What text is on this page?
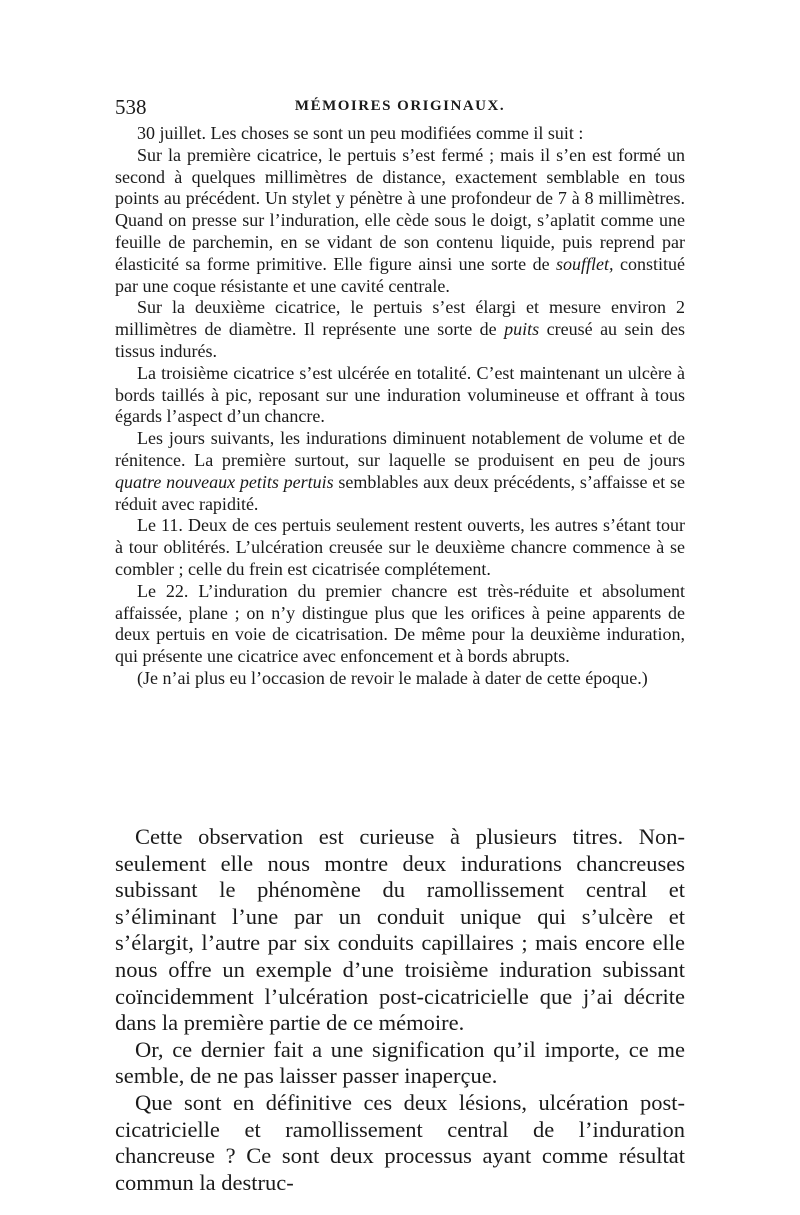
538	MÉMOIRES ORIGINAUX.

30 juillet. Les choses se sont un peu modifiées comme il suit :

Sur la première cicatrice, le pertuis s’est fermé ; mais il s’en est formé un second à quelques millimètres de distance, exactement semblable en tous points au précédent. Un stylet y pénètre à une profondeur de 7 à 8 millimètres. Quand on presse sur l’induration, elle cède sous le doigt, s’aplatit comme une feuille de parchemin, en se vidant de son contenu liquide, puis reprend par élasticité sa forme primitive. Elle figure ainsi une sorte de soufflet, constitué par une coque résistante et une cavité centrale.

Sur la deuxième cicatrice, le pertuis s’est élargi et mesure environ 2 millimètres de diamètre. Il représente une sorte de puits creusé au sein des tissus indurés.

La troisième cicatrice s’est ulcérée en totalité. C’est maintenant un ulcère à bords taillés à pic, reposant sur une induration volumineuse et offrant à tous égards l’aspect d’un chancre.

Les jours suivants, les indurations diminuent notablement de volume et de rénitence. La première surtout, sur laquelle se produisent en peu de jours quatre nouveaux petits pertuis semblables aux deux précédents, s’affaisse et se réduit avec rapidité.

Le 11. Deux de ces pertuis seulement restent ouverts, les autres s’étant tour à tour oblitérés. L’ulcération creusée sur le deuxième chancre commence à se combler ; celle du frein est cicatrisée complétement.

Le 22. L’induration du premier chancre est très-réduite et absolument affaissée, plane ; on n’y distingue plus que les orifices à peine apparents de deux pertuis en voie de cicatrisation. De même pour la deuxième induration, qui présente une cicatrice avec enfoncement et à bords abrupts.

(Je n’ai plus eu l’occasion de revoir le malade à dater de cette époque.)

Cette observation est curieuse à plusieurs titres. Non-seulement elle nous montre deux indurations chancreuses subissant le phénomène du ramollissement central et s’éliminant l’une par un conduit unique qui s’ulcère et s’élargit, l’autre par six conduits capillaires ; mais encore elle nous offre un exemple d’une troisième induration subissant coïncidemment l’ulcération post-cicatricielle que j’ai décrite dans la première partie de ce mémoire.

Or, ce dernier fait a une signification qu’il importe, ce me semble, de ne pas laisser passer inaperçue.

Que sont en définitive ces deux lésions, ulcération post-cicatricielle et ramollissement central de l’induration chancreuse ? Ce sont deux processus ayant comme résultat commun la destruc-
